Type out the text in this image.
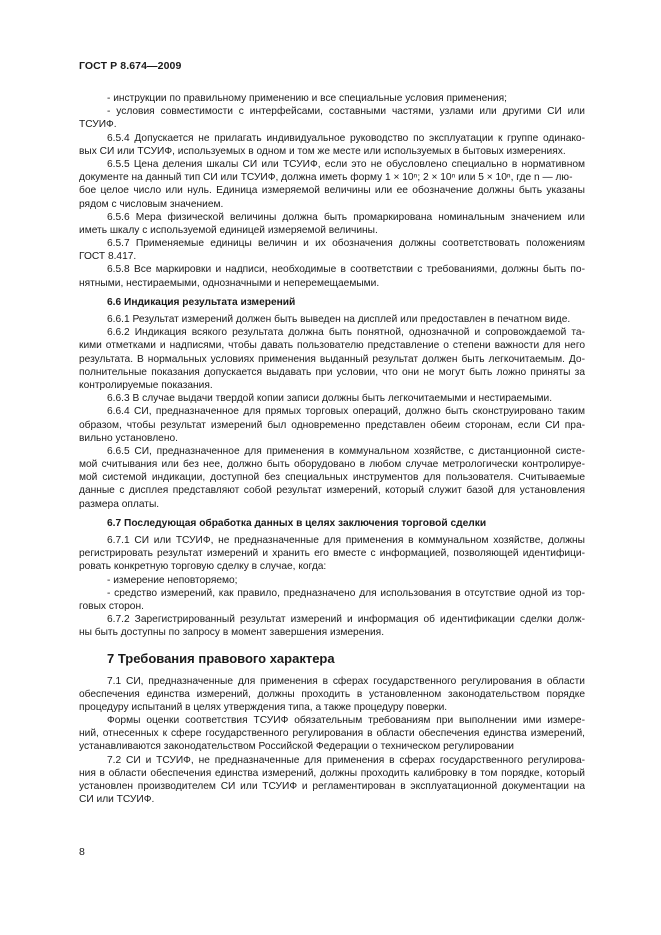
ГОСТ Р 8.674—2009
- инструкции по правильному применению и все специальные условия применения;
- условия совместимости с интерфейсами, составными частями, узлами или другими СИ или
ТСУИФ.
6.5.4 Допускается не прилагать индивидуальное руководство по эксплуатации к группе одинако-
вых СИ или ТСУИФ, используемых в одном и том же месте или используемых в бытовых измерениях.
6.5.5 Цена деления шкалы СИ или ТСУИФ, если это не обусловлено специально в нормативном
документе на данный тип СИ или ТСУИФ, должна иметь форму 1 × 10ⁿ; 2 × 10ⁿ или 5 × 10ⁿ, где n — лю-
бое целое число или нуль. Единица измеряемой величины или ее обозначение должны быть указаны
рядом с числовым значением.
6.5.6 Мера физической величины должна быть промаркирована номинальным значением или
иметь шкалу с используемой единицей измеряемой величины.
6.5.7 Применяемые единицы величин и их обозначения должны соответствовать положениям
ГОСТ 8.417.
6.5.8 Все маркировки и надписи, необходимые в соответствии с требованиями, должны быть по-
нятными, нестираемыми, однозначными и неперемещаемыми.
6.6 Индикация результата измерений
6.6.1 Результат измерений должен быть выведен на дисплей или предоставлен в печатном виде.
6.6.2 Индикация всякого результата должна быть понятной, однозначной и сопровождаемой та-
кими отметками и надписями, чтобы давать пользователю представление о степени важности для него
результата. В нормальных условиях применения выданный результат должен быть легкочитаемым. До-
полнительные показания допускается выдавать при условии, что они не могут быть ложно приняты за
контролируемые показания.
6.6.3 В случае выдачи твердой копии записи должны быть легкочитаемыми и нестираемыми.
6.6.4 СИ, предназначенное для прямых торговых операций, должно быть сконструировано таким
образом, чтобы результат измерений был одновременно представлен обеим сторонам, если СИ пра-
вильно установлено.
6.6.5 СИ, предназначенное для применения в коммунальном хозяйстве, с дистанционной систе-
мой считывания или без нее, должно быть оборудовано в любом случае метрологически контролируе-
мой системой индикации, доступной без специальных инструментов для пользователя. Считываемые
данные с дисплея представляют собой результат измерений, который служит базой для установления
размера оплаты.
6.7 Последующая обработка данных в целях заключения торговой сделки
6.7.1 СИ или ТСУИФ, не предназначенные для применения в коммунальном хозяйстве, должны
регистрировать результат измерений и хранить его вместе с информацией, позволяющей идентифици-
ровать конкретную торговую сделку в случае, когда:
- измерение неповторяемо;
- средство измерений, как правило, предназначено для использования в отсутствие одной из тор-
говых сторон.
6.7.2 Зарегистрированный результат измерений и информация об идентификации сделки долж-
ны быть доступны по запросу в момент завершения измерения.
7 Требования правового характера
7.1 СИ, предназначенные для применения в сферах государственного регулирования в области
обеспечения единства измерений, должны проходить в установленном законодательством порядке
процедуру испытаний в целях утверждения типа, а также процедуру поверки.
Формы оценки соответствия ТСУИФ обязательным требованиям при выполнении ими измере-
ний, отнесенных к сфере государственного регулирования в области обеспечения единства измерений,
устанавливаются законодательством Российской Федерации о техническом регулировании
7.2 СИ и ТСУИФ, не предназначенные для применения в сферах государственного регулирова-
ния в области обеспечения единства измерений, должны проходить калибровку в том порядке, который
установлен производителем СИ или ТСУИФ и регламентирован в эксплуатационной документации на
СИ или ТСУИФ.
8
